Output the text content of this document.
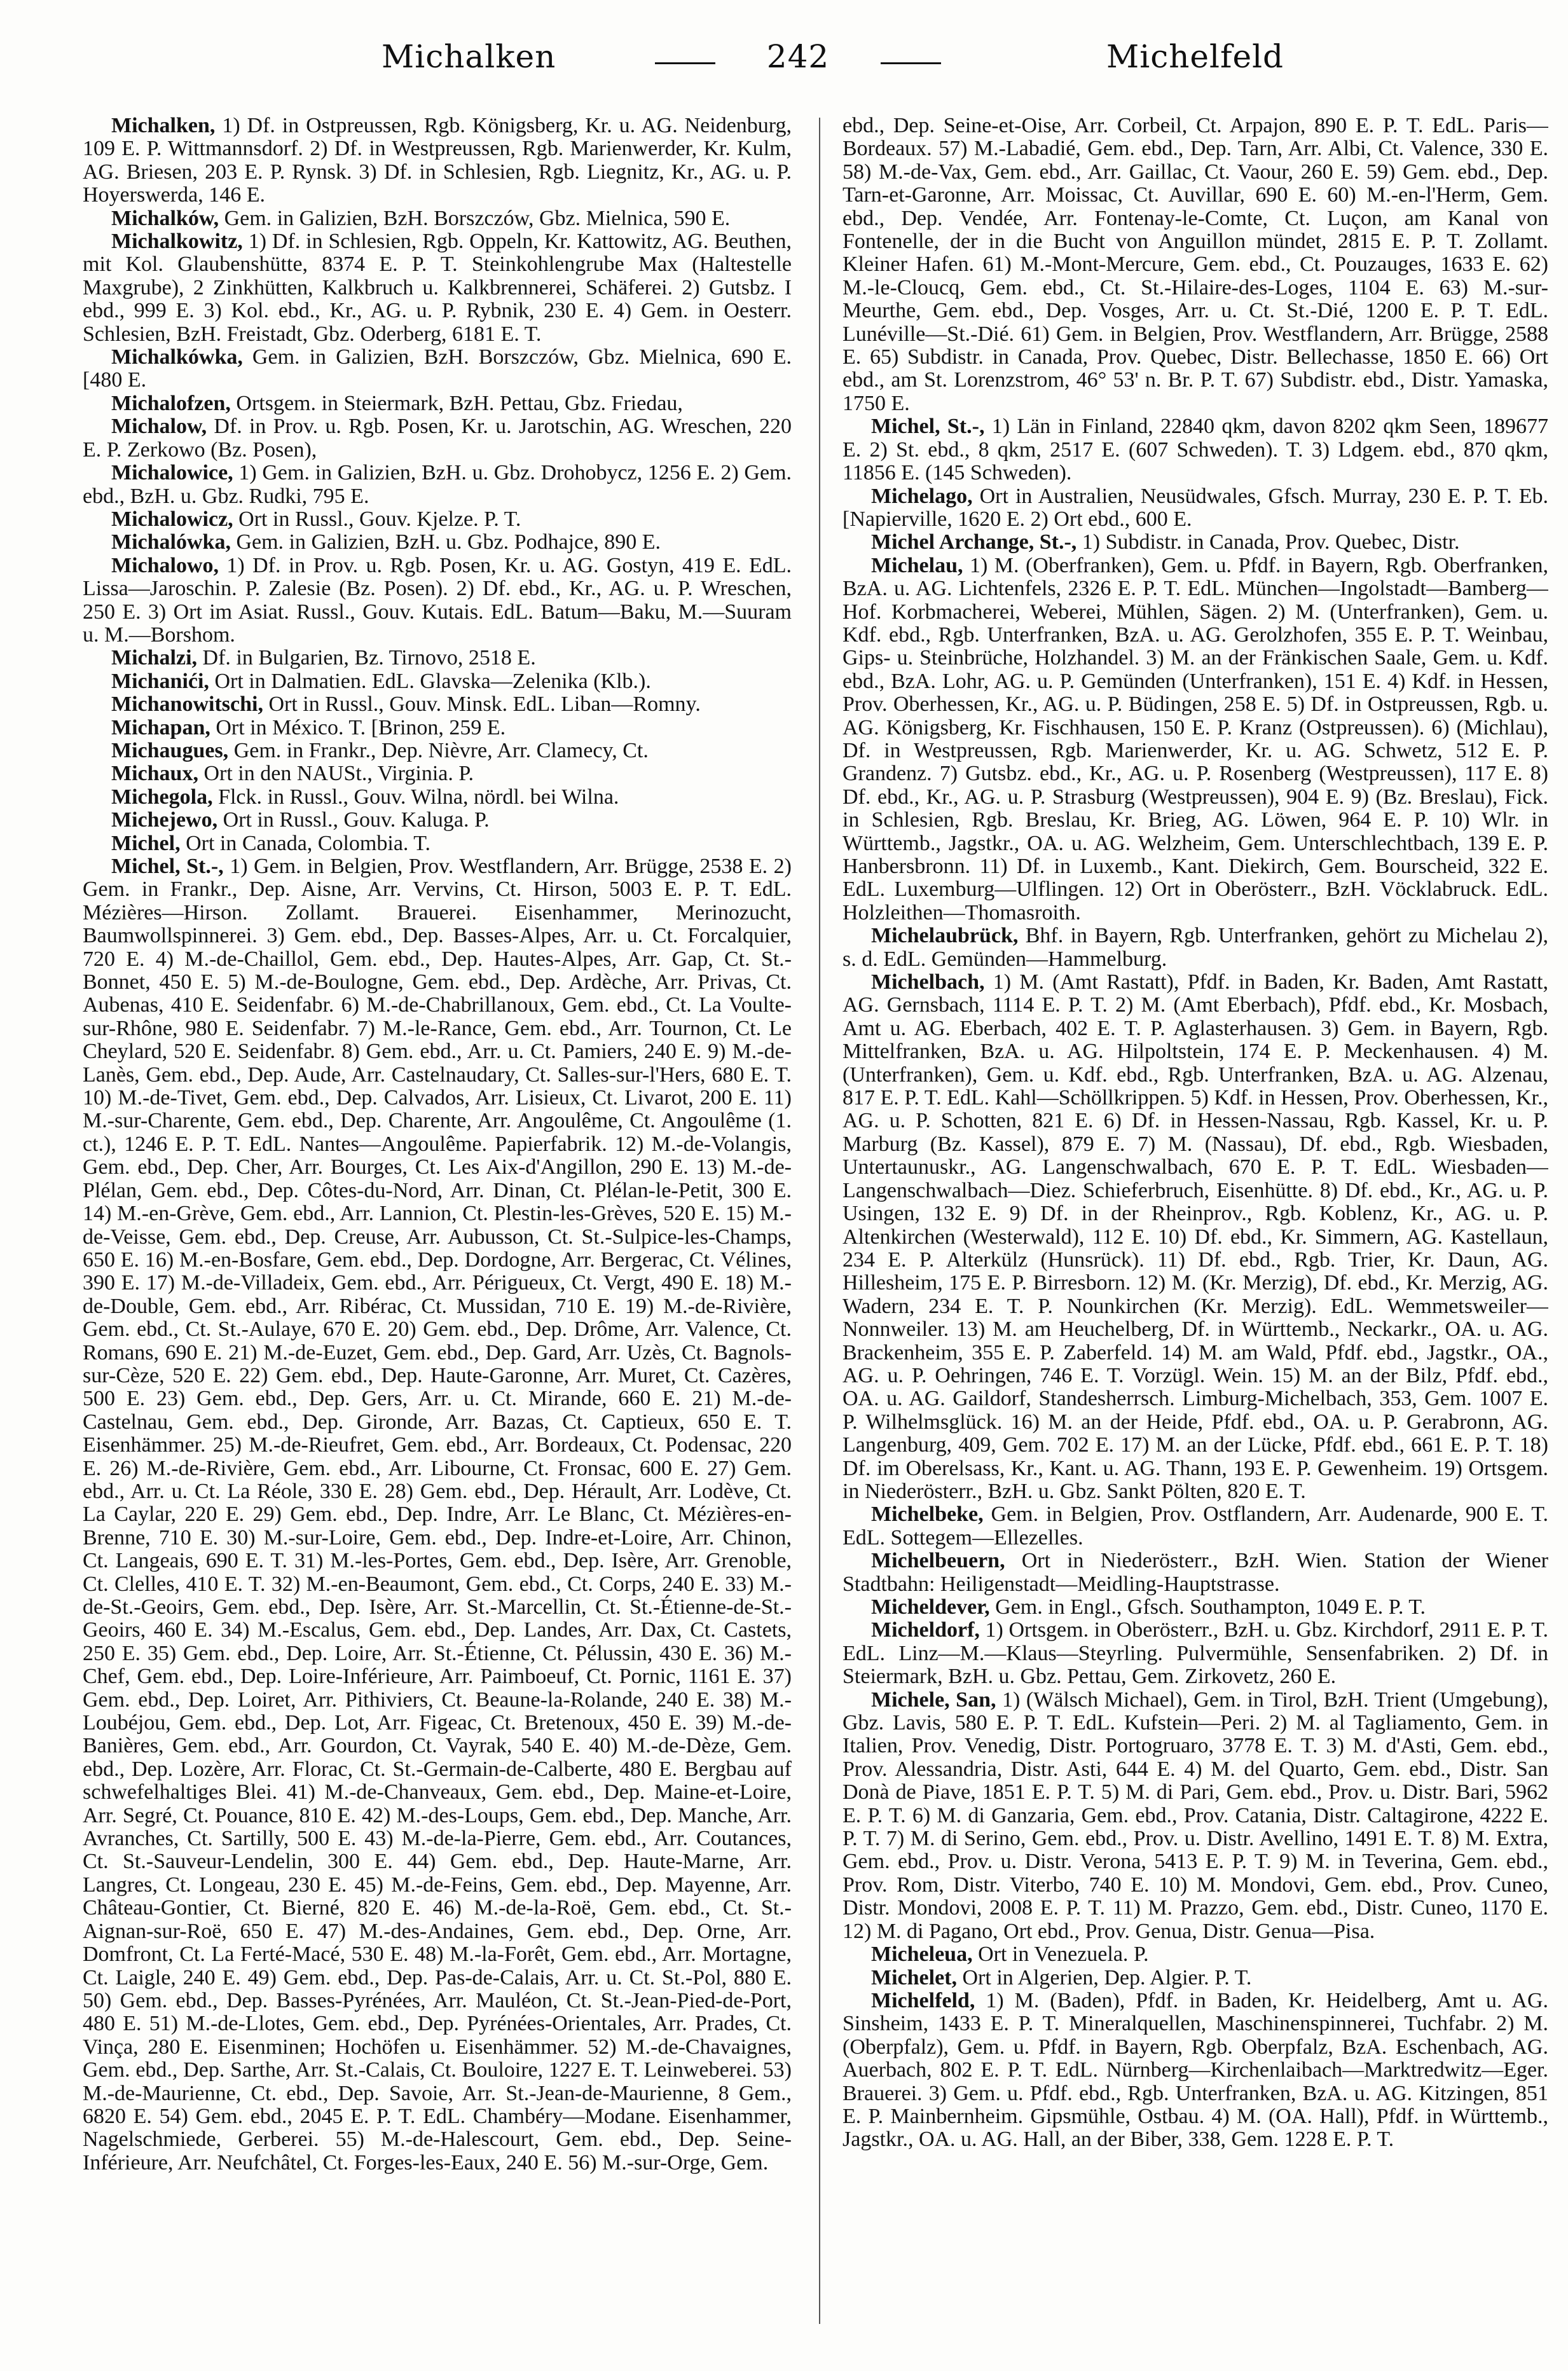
Michalken	242	Michelfeld

Michalken, 1) Df. in Ostpreussen, Rgb. Königsberg, Kr. u. AG. Neidenburg, 109 E. P. Wittmannsdorf. 2) Df. in Westpreussen, Rgb. Marienwerder, Kr. Kulm, AG. Briesen, 203 E. P. Rynsk. 3) Df. in Schlesien, Rgb. Liegnitz, Kr., AG. u. P. Hoyerswerda, 146 E.

Michalków, Gem. in Galizien, BzH. Borszczów, Gbz. Mielnica, 590 E.

Michalkowitz, 1) Df. in Schlesien, Rgb. Oppeln, Kr. Kattowitz, AG. Beuthen, mit Kol. Glaubenshütte, 8374 E. P. T. Steinkohlengrube Max (Haltestelle Maxgrube), 2 Zinkhütten, Kalkbruch u. Kalkbrennerei, Schäferei. 2) Gutsbz. I ebd., 999 E. 3) Kol. ebd., Kr., AG. u. P. Rybnik, 230 E. 4) Gem. in Oesterr. Schlesien, BzH. Freistadt, Gbz. Oderberg, 6181 E. T.

Michalkówka, Gem. in Galizien, BzH. Borszczów, Gbz. Mielnica, 690 E. [480 E.

Michalofzen, Ortsgem. in Steiermark, BzH. Pettau, Gbz. Friedau,

Michalow, Df. in Prov. u. Rgb. Posen, Kr. u. Jarotschin, AG. Wreschen, 220 E. P. Zerkowo (Bz. Posen),

Michalowice, 1) Gem. in Galizien, BzH. u. Gbz. Drohobycz, 1256 E. 2) Gem. ebd., BzH. u. Gbz. Rudki, 795 E.

Michalowicz, Ort in Russl., Gouv. Kjelze. P. T.

Michalówka, Gem. in Galizien, BzH. u. Gbz. Podhajce, 890 E.

Michalowo, 1) Df. in Prov. u. Rgb. Posen, Kr. u. AG. Gostyn, 419 E. EdL. Lissa—Jaroschin. P. Zalesie (Bz. Posen). 2) Df. ebd., Kr., AG. u. P. Wreschen, 250 E. 3) Ort im Asiat. Russl., Gouv. Kutais. EdL. Batum—Baku, M.—Suuram u. M.—Borshom.

Michalzi, Df. in Bulgarien, Bz. Tirnovo, 2518 E.

Michanići, Ort in Dalmatien. EdL. Glavska—Zelenika (Klb.).

Michanowitschi, Ort in Russl., Gouv. Minsk. EdL. Liban—Romny.

Michapan, Ort in México. T. [Brinon, 259 E.

Michaugues, Gem. in Frankr., Dep. Nièvre, Arr. Clamecy, Ct.

Michaux, Ort in den NAUSt., Virginia. P.

Michegola, Flck. in Russl., Gouv. Wilna, nördl. bei Wilna.

Michejewo, Ort in Russl., Gouv. Kaluga. P.

Michel, Ort in Canada, Colombia. T.

Michel, St.-, 1) Gem. in Belgien, Prov. Westflandern, Arr. Brügge, 2538 E. 2) Gem. in Frankr., Dep. Aisne, Arr. Vervins, Ct. Hirson, 5003 E. P. T. EdL. Mézières—Hirson. Zollamt. Brauerei. Eisenhammer, Merinozucht, Baumwollspinnerei. 3) Gem. ebd., Dep. Basses-Alpes, Arr. u. Ct. Forcalquier, 720 E. 4) M.-de-Chaillol, Gem. ebd., Dep. Hautes-Alpes, Arr. Gap, Ct. St.-Bonnet, 450 E. 5) M.-de-Boulogne, Gem. ebd., Dep. Ardèche, Arr. Privas, Ct. Aubenas, 410 E. Seidenfabr. 6) M.-de-Chabrillanoux, Gem. ebd., Ct. La Voulte-sur-Rhône, 980 E. Seidenfabr. 7) M.-le-Rance, Gem. ebd., Arr. Tournon, Ct. Le Cheylard, 520 E. Seidenfabr. 8) Gem. ebd., Arr. u. Ct. Pamiers, 240 E. 9) M.-de-Lanès, Gem. ebd., Dep. Aude, Arr. Castelnaudary, Ct. Salles-sur-l'Hers, 680 E. T. 10) M.-de-Tivet, Gem. ebd., Dep. Calvados, Arr. Lisieux, Ct. Livarot, 200 E. 11) M.-sur-Charente, Gem. ebd., Dep. Charente, Arr. Angoulême, Ct. Angoulême (1. ct.), 1246 E. P. T. EdL. Nantes—Angoulême. Papierfabrik. 12) M.-de-Volangis, Gem. ebd., Dep. Cher, Arr. Bourges, Ct. Les Aix-d'Angillon, 290 E. 13) M.-de-Plélan, Gem. ebd., Dep. Côtes-du-Nord, Arr. Dinan, Ct. Plélan-le-Petit, 300 E. 14) M.-en-Grève, Gem. ebd., Arr. Lannion, Ct. Plestin-les-Grèves, 520 E. 15) M.-de-Veisse, Gem. ebd., Dep. Creuse, Arr. Aubusson, Ct. St.-Sulpice-les-Champs, 650 E. 16) M.-en-Bosfare, Gem. ebd., Dep. Dordogne, Arr. Bergerac, Ct. Vélines, 390 E. 17) M.-de-Villadeix, Gem. ebd., Arr. Périgueux, Ct. Vergt, 490 E. 18) M.-de-Double, Gem. ebd., Arr. Ribérac, Ct. Mussidan, 710 E. 19) M.-de-Rivière, Gem. ebd., Ct. St.-Aulaye, 670 E. 20) Gem. ebd., Dep. Drôme, Arr. Valence, Ct. Romans, 690 E. 21) M.-de-Euzet, Gem. ebd., Dep. Gard, Arr. Uzès, Ct. Bagnols-sur-Cèze, 520 E. 22) Gem. ebd., Dep. Haute-Garonne, Arr. Muret, Ct. Cazères, 500 E. 23) Gem. ebd., Dep. Gers, Arr. u. Ct. Mirande, 660 E. 21) M.-de-Castelnau, Gem. ebd., Dep. Gironde, Arr. Bazas, Ct. Captieux, 650 E. T. Eisenhämmer. 25) M.-de-Rieufret, Gem. ebd., Arr. Bordeaux, Ct. Podensac, 220 E. 26) M.-de-Rivière, Gem. ebd., Arr. Libourne, Ct. Fronsac, 600 E. 27) Gem. ebd., Arr. u. Ct. La Réole, 330 E. 28) Gem. ebd., Dep. Hérault, Arr. Lodève, Ct. La Caylar, 220 E. 29) Gem. ebd., Dep. Indre, Arr. Le Blanc, Ct. Mézières-en-Brenne, 710 E. 30) M.-sur-Loire, Gem. ebd., Dep. Indre-et-Loire, Arr. Chinon, Ct. Langeais, 690 E. T. 31) M.-les-Portes, Gem. ebd., Dep. Isère, Arr. Grenoble, Ct. Clelles, 410 E. T. 32) M.-en-Beaumont, Gem. ebd., Ct. Corps, 240 E. 33) M.-de-St.-Geoirs, Gem. ebd., Dep. Isère, Arr. St.-Marcellin, Ct. St.-Étienne-de-St.-Geoirs, 460 E. 34) M.-Escalus, Gem. ebd., Dep. Landes, Arr. Dax, Ct. Castets, 250 E. 35) Gem. ebd., Dep. Loire, Arr. St.-Étienne, Ct. Pélussin, 430 E. 36) M.-Chef, Gem. ebd., Dep. Loire-Inférieure, Arr. Paimboeuf, Ct. Pornic, 1161 E. 37) Gem. ebd., Dep. Loiret, Arr. Pithiviers, Ct. Beaune-la-Rolande, 240 E. 38) M.-Loubéjou, Gem. ebd., Dep. Lot, Arr. Figeac, Ct. Bretenoux, 450 E. 39) M.-de-Banières, Gem. ebd., Arr. Gourdon, Ct. Vayrak, 540 E. 40) M.-de-Dèze, Gem. ebd., Dep. Lozère, Arr. Florac, Ct. St.-Germain-de-Calberte, 480 E. Bergbau auf schwefelhaltiges Blei. 41) M.-de-Chanveaux, Gem. ebd., Dep. Maine-et-Loire, Arr. Segré, Ct. Pouance, 810 E. 42) M.-des-Loups, Gem. ebd., Dep. Manche, Arr. Avranches, Ct. Sartilly, 500 E. 43) M.-de-la-Pierre, Gem. ebd., Arr. Coutances, Ct. St.-Sauveur-Lendelin, 300 E. 44) Gem. ebd., Dep. Haute-Marne, Arr. Langres, Ct. Longeau, 230 E. 45) M.-de-Feins, Gem. ebd., Dep. Mayenne, Arr. Château-Gontier, Ct. Bierné, 820 E. 46) M.-de-la-Roë, Gem. ebd., Ct. St.-Aignan-sur-Roë, 650 E. 47) M.-des-Andaines, Gem. ebd., Dep. Orne, Arr. Domfront, Ct. La Ferté-Macé, 530 E. 48) M.-la-Forêt, Gem. ebd., Arr. Mortagne, Ct. Laigle, 240 E. 49) Gem. ebd., Dep. Pas-de-Calais, Arr. u. Ct. St.-Pol, 880 E. 50) Gem. ebd., Dep. Basses-Pyrénées, Arr. Mauléon, Ct. St.-Jean-Pied-de-Port, 480 E. 51) M.-de-Llotes, Gem. ebd., Dep. Pyrénées-Orientales, Arr. Prades, Ct. Vinça, 280 E. Eisenminen; Hochöfen u. Eisenhämmer. 52) M.-de-Chavaignes, Gem. ebd., Dep. Sarthe, Arr. St.-Calais, Ct. Bouloire, 1227 E. T. Leinweberei. 53) M.-de-Maurienne, Ct. ebd., Dep. Savoie, Arr. St.-Jean-de-Maurienne, 8 Gem., 6820 E. 54) Gem. ebd., 2045 E. P. T. EdL. Chambéry—Modane. Eisenhammer, Nagelschmiede, Gerberei. 55) M.-de-Halescourt, Gem. ebd., Dep. Seine-Inférieure, Arr. Neufchâtel, Ct. Forges-les-Eaux, 240 E. 56) M.-sur-Orge, Gem.

ebd., Dep. Seine-et-Oise, Arr. Corbeil, Ct. Arpajon, 890 E. P. T. EdL. Paris—Bordeaux. 57) M.-Labadié, Gem. ebd., Dep. Tarn, Arr. Albi, Ct. Valence, 330 E. 58) M.-de-Vax, Gem. ebd., Arr. Gaillac, Ct. Vaour, 260 E. 59) Gem. ebd., Dep. Tarn-et-Garonne, Arr. Moissac, Ct. Auvillar, 690 E. 60) M.-en-l'Herm, Gem. ebd., Dep. Vendée, Arr. Fontenay-le-Comte, Ct. Luçon, am Kanal von Fontenelle, der in die Bucht von Anguillon mündet, 2815 E. P. T. Zollamt. Kleiner Hafen. 61) M.-Mont-Mercure, Gem. ebd., Ct. Pouzauges, 1633 E. 62) M.-le-Cloucq, Gem. ebd., Ct. St.-Hilaire-des-Loges, 1104 E. 63) M.-sur-Meurthe, Gem. ebd., Dep. Vosges, Arr. u. Ct. St.-Dié, 1200 E. P. T. EdL. Lunéville—St.-Dié. 61) Gem. in Belgien, Prov. Westflandern, Arr. Brügge, 2588 E. 65) Subdistr. in Canada, Prov. Quebec, Distr. Bellechasse, 1850 E. 66) Ort ebd., am St. Lorenzstrom, 46° 53' n. Br. P. T. 67) Subdistr. ebd., Distr. Yamaska, 1750 E.

Michel, St.-, 1) Län in Finland, 22840 qkm, davon 8202 qkm Seen, 189677 E. 2) St. ebd., 8 qkm, 2517 E. (607 Schweden). T. 3) Ldgem. ebd., 870 qkm, 11856 E. (145 Schweden).

Michelago, Ort in Australien, Neusüdwales, Gfsch. Murray, 230 E. P. T. Eb. [Napierville, 1620 E. 2) Ort ebd., 600 E.

Michel Archange, St.-, 1) Subdistr. in Canada, Prov. Quebec, Distr.

Michelau, 1) M. (Oberfranken), Gem. u. Pfdf. in Bayern, Rgb. Oberfranken, BzA. u. AG. Lichtenfels, 2326 E. P. T. EdL. München—Ingolstadt—Bamberg—Hof. Korbmacherei, Weberei, Mühlen, Sägen. 2) M. (Unterfranken), Gem. u. Kdf. ebd., Rgb. Unterfranken, BzA. u. AG. Gerolzhofen, 355 E. P. T. Weinbau, Gips- u. Steinbrüche, Holzhandel. 3) M. an der Fränkischen Saale, Gem. u. Kdf. ebd., BzA. Lohr, AG. u. P. Gemünden (Unterfranken), 151 E. 4) Kdf. in Hessen, Prov. Oberhessen, Kr., AG. u. P. Büdingen, 258 E. 5) Df. in Ostpreussen, Rgb. u. AG. Königsberg, Kr. Fischhausen, 150 E. P. Kranz (Ostpreussen). 6) (Michlau), Df. in Westpreussen, Rgb. Marienwerder, Kr. u. AG. Schwetz, 512 E. P. Grandenz. 7) Gutsbz. ebd., Kr., AG. u. P. Rosenberg (Westpreussen), 117 E. 8) Df. ebd., Kr., AG. u. P. Strasburg (Westpreussen), 904 E. 9) (Bz. Breslau), Fick. in Schlesien, Rgb. Breslau, Kr. Brieg, AG. Löwen, 964 E. P. 10) Wlr. in Württemb., Jagstkr., OA. u. AG. Welzheim, Gem. Unterschlechtbach, 139 E. P. Hanbersbronn. 11) Df. in Luxemb., Kant. Diekirch, Gem. Bourscheid, 322 E. EdL. Luxemburg—Ulflingen. 12) Ort in Oberösterr., BzH. Vöcklabruck. EdL. Holzleithen—Thomasroith.

Michelaubrück, Bhf. in Bayern, Rgb. Unterfranken, gehört zu Michelau 2), s. d. EdL. Gemünden—Hammelburg.

Michelbach, 1) M. (Amt Rastatt), Pfdf. in Baden, Kr. Baden, Amt Rastatt, AG. Gernsbach, 1114 E. P. T. 2) M. (Amt Eberbach), Pfdf. ebd., Kr. Mosbach, Amt u. AG. Eberbach, 402 E. T. P. Aglasterhausen. 3) Gem. in Bayern, Rgb. Mittelfranken, BzA. u. AG. Hilpoltstein, 174 E. P. Meckenhausen. 4) M. (Unterfranken), Gem. u. Kdf. ebd., Rgb. Unterfranken, BzA. u. AG. Alzenau, 817 E. P. T. EdL. Kahl—Schöllkrippen. 5) Kdf. in Hessen, Prov. Oberhessen, Kr., AG. u. P. Schotten, 821 E. 6) Df. in Hessen-Nassau, Rgb. Kassel, Kr. u. P. Marburg (Bz. Kassel), 879 E. 7) M. (Nassau), Df. ebd., Rgb. Wiesbaden, Untertaunuskr., AG. Langenschwalbach, 670 E. P. T. EdL. Wiesbaden—Langenschwalbach—Diez. Schieferbruch, Eisenhütte. 8) Df. ebd., Kr., AG. u. P. Usingen, 132 E. 9) Df. in der Rheinprov., Rgb. Koblenz, Kr., AG. u. P. Altenkirchen (Westerwald), 112 E. 10) Df. ebd., Kr. Simmern, AG. Kastellaun, 234 E. P. Alterkülz (Hunsrück). 11) Df. ebd., Rgb. Trier, Kr. Daun, AG. Hillesheim, 175 E. P. Birresborn. 12) M. (Kr. Merzig), Df. ebd., Kr. Merzig, AG. Wadern, 234 E. T. P. Nounkirchen (Kr. Merzig). EdL. Wemmetsweiler—Nonnweiler. 13) M. am Heuchelberg, Df. in Württemb., Neckarkr., OA. u. AG. Brackenheim, 355 E. P. Zaberfeld. 14) M. am Wald, Pfdf. ebd., Jagstkr., OA., AG. u. P. Oehringen, 746 E. T. Vorzügl. Wein. 15) M. an der Bilz, Pfdf. ebd., OA. u. AG. Gaildorf, Standesherrsch. Limburg-Michelbach, 353, Gem. 1007 E. P. Wilhelmsglück. 16) M. an der Heide, Pfdf. ebd., OA. u. P. Gerabronn, AG. Langenburg, 409, Gem. 702 E. 17) M. an der Lücke, Pfdf. ebd., 661 E. P. T. 18) Df. im Oberelsass, Kr., Kant. u. AG. Thann, 193 E. P. Gewenheim. 19) Ortsgem. in Niederösterr., BzH. u. Gbz. Sankt Pölten, 820 E. T.

Michelbeke, Gem. in Belgien, Prov. Ostflandern, Arr. Audenarde, 900 E. T. EdL. Sottegem—Ellezelles.

Michelbeuern, Ort in Niederösterr., BzH. Wien. Station der Wiener Stadtbahn: Heiligenstadt—Meidling-Hauptstrasse.

Micheldever, Gem. in Engl., Gfsch. Southampton, 1049 E. P. T.

Micheldorf, 1) Ortsgem. in Oberösterr., BzH. u. Gbz. Kirchdorf, 2911 E. P. T. EdL. Linz—M.—Klaus—Steyrling. Pulvermühle, Sensenfabriken. 2) Df. in Steiermark, BzH. u. Gbz. Pettau, Gem. Zirkovetz, 260 E.

Michele, San, 1) (Wälsch Michael), Gem. in Tirol, BzH. Trient (Umgebung), Gbz. Lavis, 580 E. P. T. EdL. Kufstein—Peri. 2) M. al Tagliamento, Gem. in Italien, Prov. Venedig, Distr. Portogruaro, 3778 E. T. 3) M. d'Asti, Gem. ebd., Prov. Alessandria, Distr. Asti, 644 E. 4) M. del Quarto, Gem. ebd., Distr. San Donà de Piave, 1851 E. P. T. 5) M. di Pari, Gem. ebd., Prov. u. Distr. Bari, 5962 E. P. T. 6) M. di Ganzaria, Gem. ebd., Prov. Catania, Distr. Caltagirone, 4222 E. P. T. 7) M. di Serino, Gem. ebd., Prov. u. Distr. Avellino, 1491 E. T. 8) M. Extra, Gem. ebd., Prov. u. Distr. Verona, 5413 E. P. T. 9) M. in Teverina, Gem. ebd., Prov. Rom, Distr. Viterbo, 740 E. 10) M. Mondovi, Gem. ebd., Prov. Cuneo, Distr. Mondovi, 2008 E. P. T. 11) M. Prazzo, Gem. ebd., Distr. Cuneo, 1170 E. 12) M. di Pagano, Ort ebd., Prov. Genua, Distr. Genua—Pisa.

Micheleua, Ort in Venezuela. P.

Michelet, Ort in Algerien, Dep. Algier. P. T.

Michelfeld, 1) M. (Baden), Pfdf. in Baden, Kr. Heidelberg, Amt u. AG. Sinsheim, 1433 E. P. T. Mineralquellen, Maschinenspinnerei, Tuchfabr. 2) M. (Oberpfalz), Gem. u. Pfdf. in Bayern, Rgb. Oberpfalz, BzA. Eschenbach, AG. Auerbach, 802 E. P. T. EdL. Nürnberg—Kirchenlaibach—Marktredwitz—Eger. Brauerei. 3) Gem. u. Pfdf. ebd., Rgb. Unterfranken, BzA. u. AG. Kitzingen, 851 E. P. Mainbernheim. Gipsmühle, Ostbau. 4) M. (OA. Hall), Pfdf. in Württemb., Jagstkr., OA. u. AG. Hall, an der Biber, 338, Gem. 1228 E. P. T.
